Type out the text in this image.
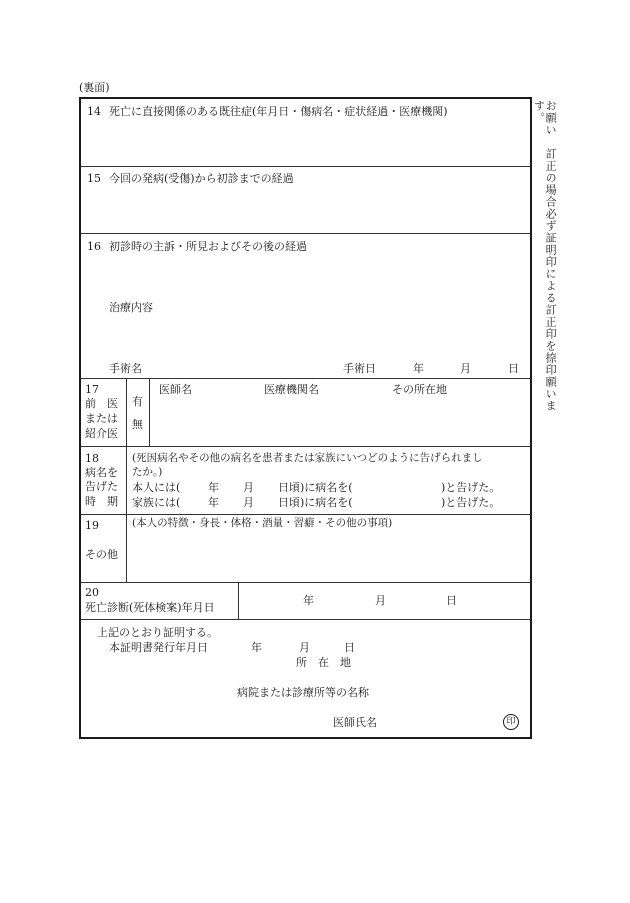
(裏面)
お願い　訂正の場合必ず証明印による訂正印を捺印願います。
14 死亡に直接関係のある既往症(年月日・傷病名・症状経過・医療機関)
15 今回の発病(受傷)から初診までの経過
16 初診時の主訴・所見およびその後の経過
治療内容
手術名	手術日	年	月	日
17
前　医
または
紹介医
有
無
医師名	医療機関名	その所在地
18
病名を
告げた
時　期
(死因病名やその他の病名を患者または家族にいつどのように告げられまし
たか。)
本人には(	年 月 日頃)に病名を(	)と告げた。
家族には(	年 月 日頃)に病名を(	)と告げた。
19
その他
(本人の特徴・身長・体格・酒量・習癖・その他の事項)
20
死亡診断(死体検案)年月日
年	月	日
上記のとおり証明する。
本証明書発行年月日	年	月	日
所　在　地
病院または診療所等の名称
医師氏名	印
